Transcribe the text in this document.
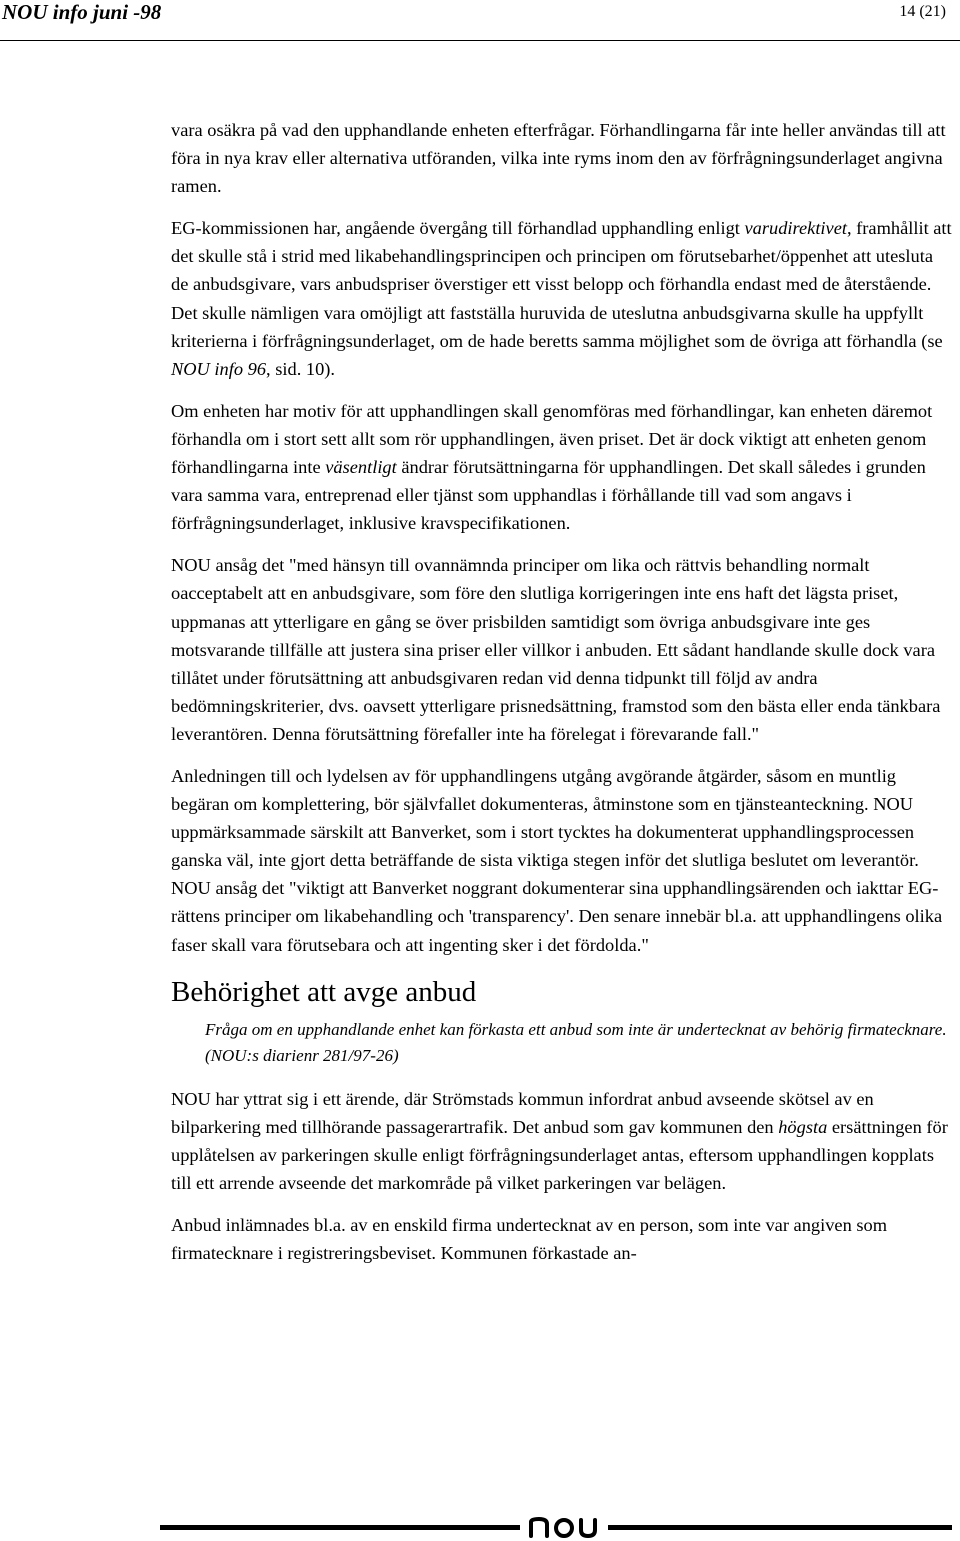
NOU info juni -98	14 (21)

vara osäkra på vad den upphandlande enheten efterfrågar. Förhandlingarna får inte heller användas till att föra in nya krav eller alternativa utföranden, vilka inte ryms inom den av förfrågningsunderlaget angivna ramen.

EG-kommissionen har, angående övergång till förhandlad upphandling enligt varudirektivet, framhållit att det skulle stå i strid med likabehandlingsprincipen och principen om förutsebarhet/öppenhet att utesluta de anbudsgivare, vars anbudspriser överstiger ett visst belopp och förhandla endast med de återstående. Det skulle nämligen vara omöjligt att fastställa huruvida de uteslutna anbudsgivarna skulle ha uppfyllt kriterierna i förfrågningsunderlaget, om de hade beretts samma möjlighet som de övriga att förhandla (se NOU info 96, sid. 10).

Om enheten har motiv för att upphandlingen skall genomföras med förhandlingar, kan enheten däremot förhandla om i stort sett allt som rör upphandlingen, även priset. Det är dock viktigt att enheten genom förhandlingarna inte väsentligt ändrar förutsättningarna för upphandlingen. Det skall således i grunden vara samma vara, entreprenad eller tjänst som upphandlas i förhållande till vad som angavs i förfrågningsunderlaget, inklusive kravspecifikationen.

NOU ansåg det "med hänsyn till ovannämnda principer om lika och rättvis behandling normalt oacceptabelt att en anbudsgivare, som före den slutliga korrigeringen inte ens haft det lägsta priset, uppmanas att ytterligare en gång se över prisbilden samtidigt som övriga anbudsgivare inte ges motsvarande tillfälle att justera sina priser eller villkor i anbuden. Ett sådant handlande skulle dock vara tillåtet under förutsättning att anbudsgivaren redan vid denna tidpunkt till följd av andra bedömningskriterier, dvs. oavsett ytterligare prisnedsättning, framstod som den bästa eller enda tänkbara leverantören. Denna förutsättning förefaller inte ha förelegat i förevarande fall."

Anledningen till och lydelsen av för upphandlingens utgång avgörande åtgärder, såsom en muntlig begäran om komplettering, bör självfallet dokumenteras, åtminstone som en tjänsteanteckning. NOU uppmärksammade särskilt att Banverket, som i stort tycktes ha dokumenterat upphandlingsprocessen ganska väl, inte gjort detta beträffande de sista viktiga stegen inför det slutliga beslutet om leverantör. NOU ansåg det "viktigt att Banverket noggrant dokumenterar sina upphandlingsärenden och iakttar EG-rättens principer om likabehandling och 'transparency'. Den senare innebär bl.a. att upphandlingens olika faser skall vara förutsebara och att ingenting sker i det fördolda."

Behörighet att avge anbud

Fråga om en upphandlande enhet kan förkasta ett anbud som inte är undertecknat av behörig firmatecknare. (NOU:s diarienr 281/97-26)

NOU har yttrat sig i ett ärende, där Strömstads kommun infordrat anbud avseende skötsel av en bilparkering med tillhörande passagerartrafik. Det anbud som gav kommunen den högsta ersättningen för upplåtelsen av parkeringen skulle enligt förfrågningsunderlaget antas, eftersom upphandlingen kopplats till ett arrende avseende det markområde på vilket parkeringen var belägen.

Anbud inlämnades bl.a. av en enskild firma undertecknat av en person, som inte var angiven som firmatecknare i registreringsbeviset. Kommunen förkastade an-
